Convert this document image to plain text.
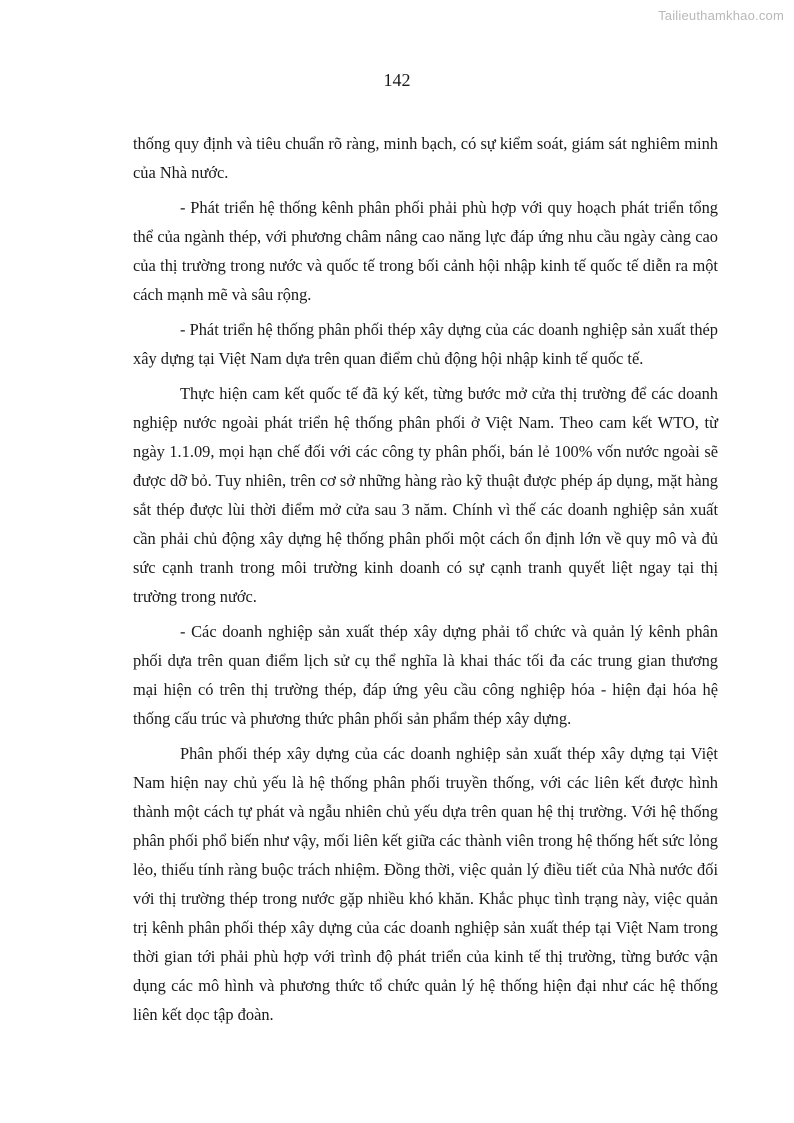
Tailieuthamkhao.com
142

thống quy định và tiêu chuẩn rõ ràng, minh bạch, có sự kiểm soát, giám sát nghiêm minh của Nhà nước.

- Phát triển hệ thống kênh phân phối phải phù hợp với quy hoạch phát triển tổng thể của ngành thép, với phương châm nâng cao năng lực đáp ứng nhu cầu ngày càng cao của thị trường trong nước và quốc tế trong bối cảnh hội nhập kinh tế quốc tế diễn ra một cách mạnh mẽ và sâu rộng.

- Phát triển hệ thống phân phối thép xây dựng của các doanh nghiệp sản xuất thép xây dựng tại Việt Nam dựa trên quan điểm chủ động hội nhập kinh tế quốc tế.

Thực hiện cam kết quốc tế đã ký kết, từng bước mở cửa thị trường để các doanh nghiệp nước ngoài phát triển hệ thống phân phối ở Việt Nam. Theo cam kết WTO, từ ngày 1.1.09, mọi hạn chế đối với các công ty phân phối, bán lẻ 100% vốn nước ngoài sẽ được dỡ bỏ. Tuy nhiên, trên cơ sở những hàng rào kỹ thuật được phép áp dụng, mặt hàng sắt thép được lùi thời điểm mở cửa sau 3 năm. Chính vì thế các doanh nghiệp sản xuất cần phải chủ động xây dựng hệ thống phân phối một cách ổn định lớn về quy mô và đủ sức cạnh tranh trong môi trường kinh doanh có sự cạnh tranh quyết liệt ngay tại thị trường trong nước.

- Các doanh nghiệp sản xuất thép xây dựng phải tổ chức và quản lý kênh phân phối dựa trên quan điểm lịch sử cụ thể nghĩa là khai thác tối đa các trung gian thương mại hiện có trên thị trường thép, đáp ứng yêu cầu công nghiệp hóa - hiện đại hóa hệ thống cấu trúc và phương thức phân phối sản phẩm thép xây dựng.

Phân phối thép xây dựng của các doanh nghiệp sản xuất thép xây dựng tại Việt Nam hiện nay chủ yếu là hệ thống phân phối truyền thống, với các liên kết được hình thành một cách tự phát và ngẫu nhiên chủ yếu dựa trên quan hệ thị trường. Với hệ thống phân phối phổ biến như vậy, mối liên kết giữa các thành viên trong hệ thống hết sức lỏng lẻo, thiếu tính ràng buộc trách nhiệm. Đồng thời, việc quản lý điều tiết của Nhà nước đối với thị trường thép trong nước gặp nhiều khó khăn. Khắc phục tình trạng này, việc quản trị kênh phân phối thép xây dựng của các doanh nghiệp sản xuất thép tại Việt Nam trong thời gian tới phải phù hợp với trình độ phát triển của kinh tế thị trường, từng bước vận dụng các mô hình và phương thức tổ chức quản lý hệ thống hiện đại như các hệ thống liên kết dọc tập đoàn.
